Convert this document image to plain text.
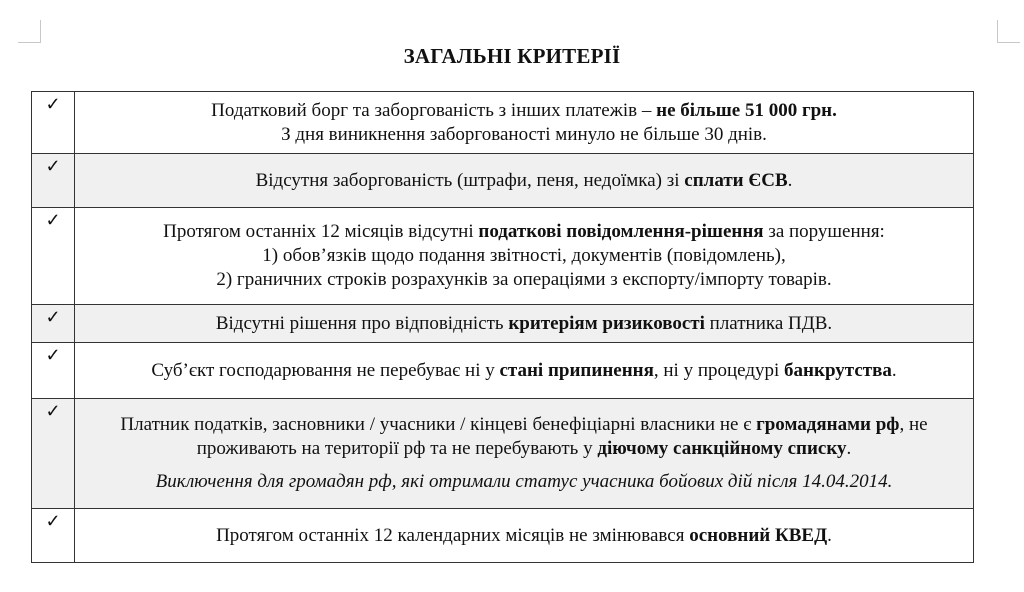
ЗАГАЛЬНІ КРИТЕРІЇ
✓	Податковий борг та заборгованість з інших платежів – не більше 51 000 грн.
З дня виникнення заборгованості минуло не більше 30 днів.
✓	Відсутня заборгованість (штрафи, пеня, недоїмка) зі сплати ЄСВ.
✓	Протягом останніх 12 місяців відсутні податкові повідомлення-рішення за порушення:
1) обов’язків щодо подання звітності, документів (повідомлень),
2) граничних строків розрахунків за операціями з експорту/імпорту товарів.
✓	Відсутні рішення про відповідність критеріям ризиковості платника ПДВ.
✓	Суб’єкт господарювання не перебуває ні у стані припинення, ні у процедурі банкрутства.
✓	Платник податків, засновники / учасники / кінцеві бенефіціарні власники не є громадянами рф, не проживають на території рф та не перебувають у діючому санкційному списку.
Виключення для громадян рф, які отримали статус учасника бойових дій після 14.04.2014.

✓	Протягом останніх 12 календарних місяців не змінювався основний КВЕД.
